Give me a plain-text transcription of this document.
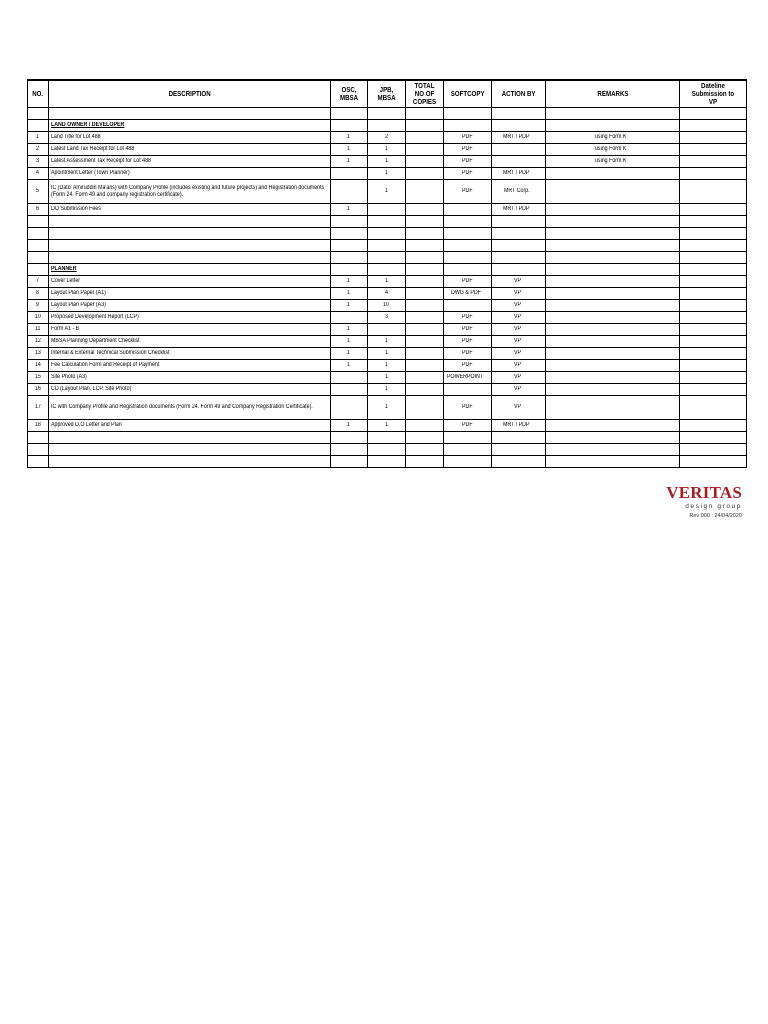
NO.	DESCRIPTION	OSC, MBSA	JPB, MBSA	TOTAL NO OF COPIES	SOFTCOPY	ACTION BY	REMARKS	Dateline Submission to VP

	LAND OWNER / DEVELOPER							
1	Land Title for Lot 488	1	2		PDF	MRT / PDP	using Form K	
2	Latest Land Tax Receipt for Lot 488	1	1		PDF		using Form K	
3	Latest Assessment Tax Receipt for Lot 488	1	1		PDF		using Form K	
4	Apointment Letter (Town Planner)		1		PDF	MRT / PDP		
5	IC (Dato' Amiruddin Ma'aris) with Company Profile (includes existing and future projects) and Registration documents (Form 24. Form 49 and company registration certificate).		1		PDF	MRT Corp.		
6	DO Submission Fees	1				MRT / PDP		

	PLANNER							
7	Cover Letter	1	1		PDF	VP		
8	Layout Plan Paper (A1)	1	4		DWG & PDF	VP		
9	Layout Plan Paper (A3)	1	10			VP		
10	Proposed Development Report (LCP)		3		PDF	VP		
11	Form A1 - B	1			PDF	VP		
12	MBSA Planning Department Checklist	1	1		PDF	VP		
13	Internal & External Technical Submission Checklist	1	1		PDF	VP		
14	Fee Calculation Form and Receipt of Payment	1	1		PDF	VP		
15	Site Photo (A3)		1		POWERPOINT	VP		
16	CD (Layout Plan, LCP, Site Photo)		1			VP		
17	IC with Company Profile and Registration documents (Form 24. Form 49 and Company Registration Certificate).		1		PDF	VP		
18	Approved D.O Letter and Plan	1	1		PDF	MRT / PDP		

VERITAS
design group
Rev 000 : 24/04/2020
